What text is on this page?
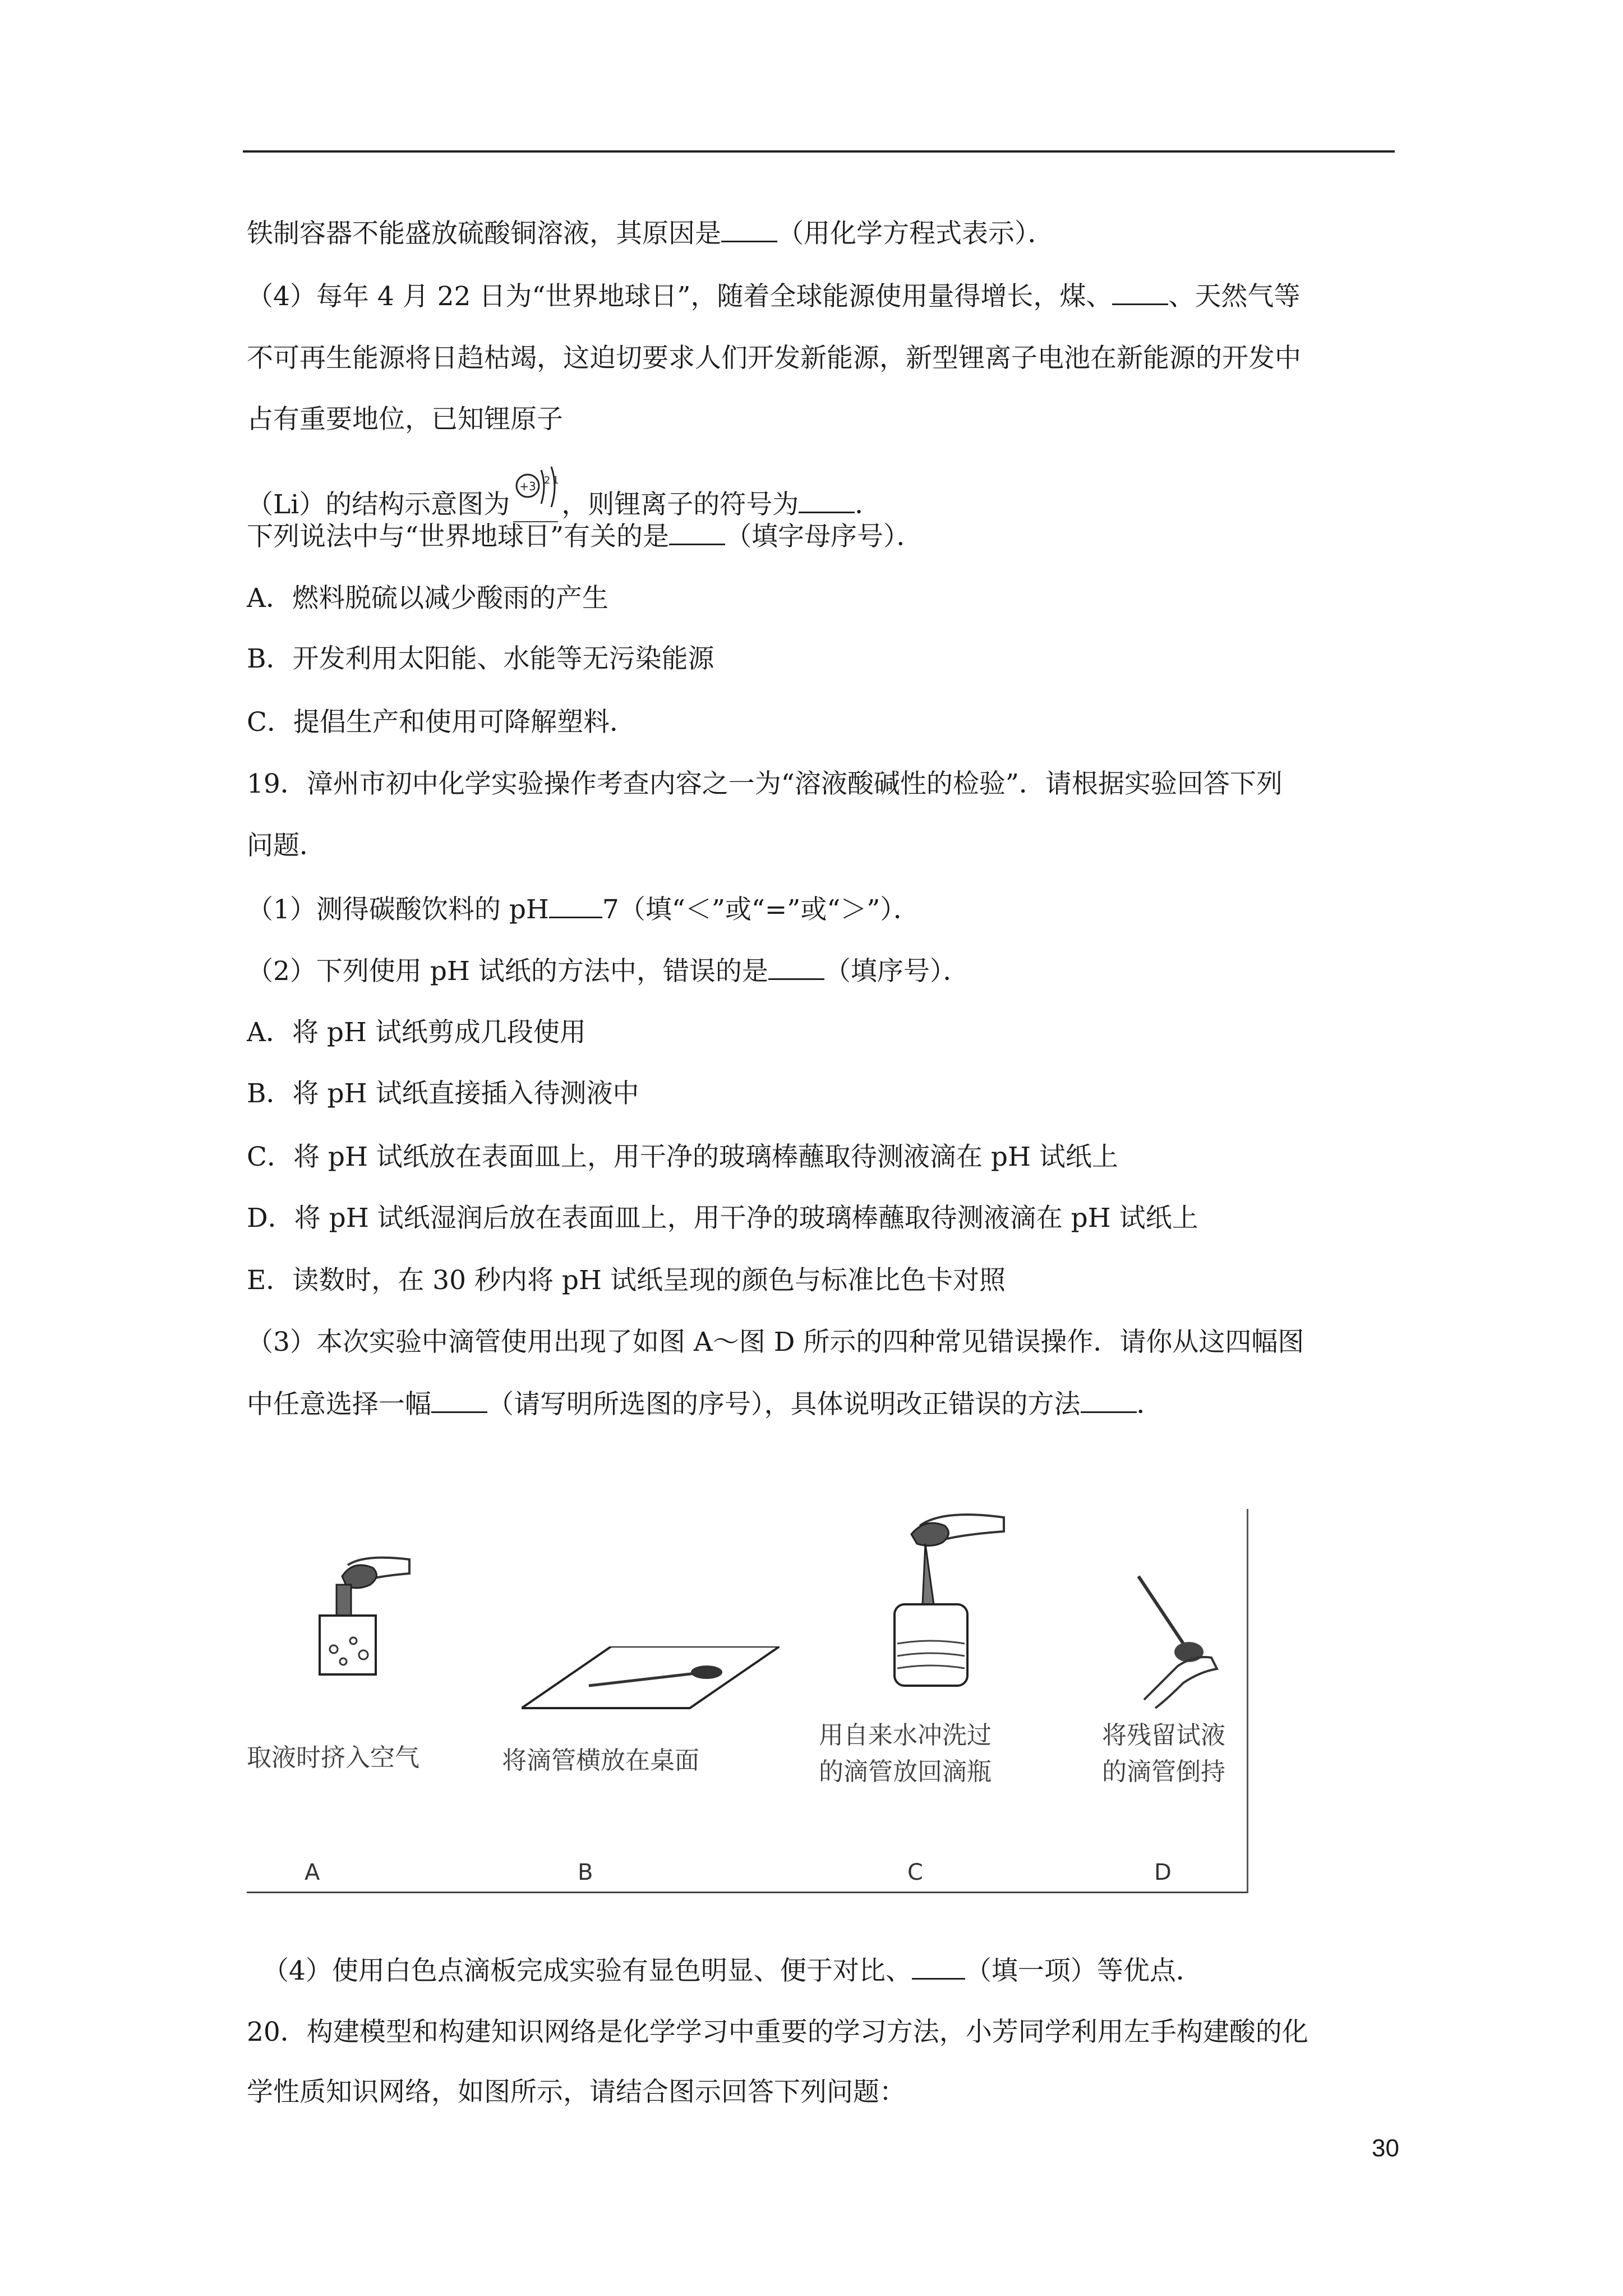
铁制容器不能盛放硫酸铜溶液，其原因是 （用化学方程式表示）．
（4）每年 4 月 22 日为“世界地球日”，随着全球能源使用量得增长，煤、 、天然气等
不可再生能源将日趋枯竭，这迫切要求人们开发新能源，新型锂离子电池在新能源的开发中
占有重要地位，已知锂原子
（Li）的结构示意图为
+3 2 1
，则锂离子的符号为 ．
下列说法中与“世界地球日”有关的是 （填字母序号）．
A．燃料脱硫以减少酸雨的产生
B．开发利用太阳能、水能等无污染能源
C．提倡生产和使用可降解塑料．
19．漳州市初中化学实验操作考查内容之一为“溶液酸碱性的检验”．请根据实验回答下列
问题．
（1）测得碳酸饮料的 pH 7（填“＜”或“=”或“＞”）．
（2）下列使用 pH 试纸的方法中，错误的是 （填序号）．
A．将 pH 试纸剪成几段使用
B．将 pH 试纸直接插入待测液中
C．将 pH 试纸放在表面皿上，用干净的玻璃棒蘸取待测液滴在 pH 试纸上
D．将 pH 试纸湿润后放在表面皿上，用干净的玻璃棒蘸取待测液滴在 pH 试纸上
E．读数时，在 30 秒内将 pH 试纸呈现的颜色与标准比色卡对照
（3）本次实验中滴管使用出现了如图 A～图 D 所示的四种常见错误操作．请你从这四幅图
中任意选择一幅 （请写明所选图的序号），具体说明改正错误的方法 ．
取液时挤入空气
A
将滴管横放在桌面
B
用自来水冲洗过
的滴管放回滴瓶
C
将残留试液
的滴管倒持
D
（4）使用白色点滴板完成实验有显色明显、便于对比、 （填一项）等优点．
20．构建模型和构建知识网络是化学学习中重要的学习方法，小芳同学利用左手构建酸的化
学性质知识网络，如图所示，请结合图示回答下列问题：
30
